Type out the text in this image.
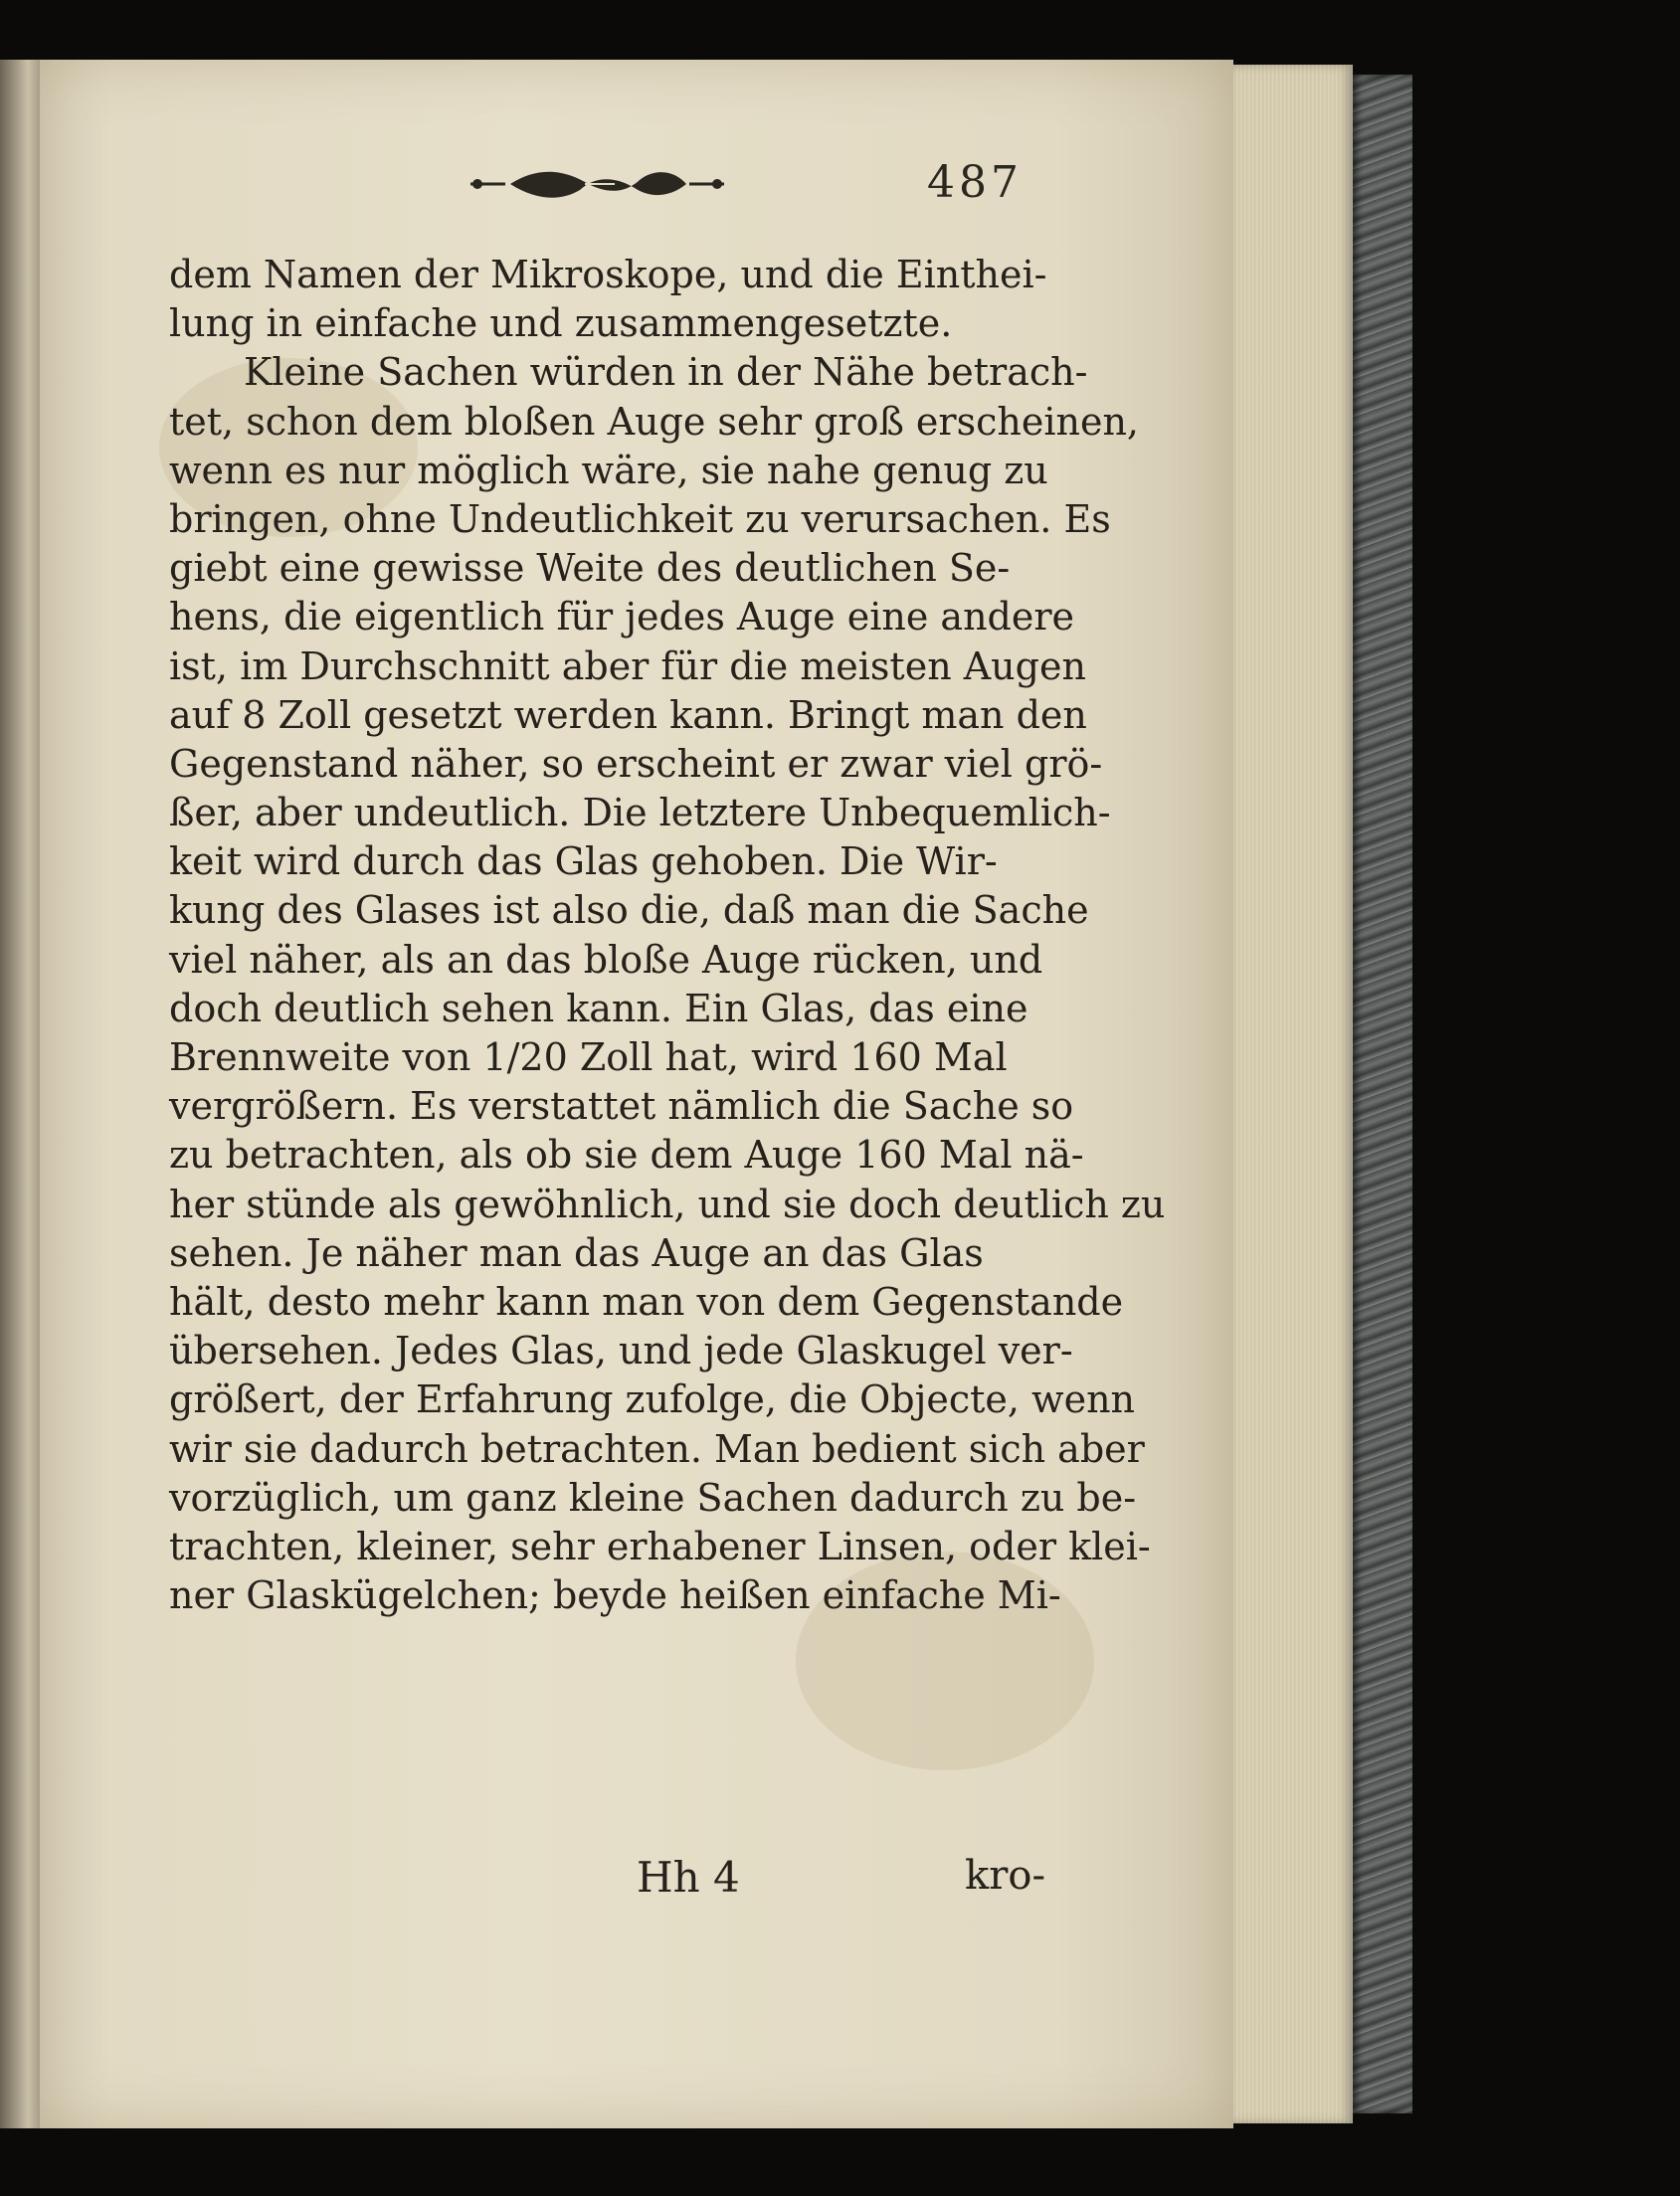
487
dem Namen der Mikroskope, und die Einthei-
lung in einfache und zusammengesetzte.
Kleine Sachen würden in der Nähe betrach-
tet, schon dem bloßen Auge sehr groß erscheinen,
wenn es nur möglich wäre, sie nahe genug zu
bringen, ohne Undeutlichkeit zu verursachen. Es
giebt eine gewisse Weite des deutlichen Se-
hens, die eigentlich für jedes Auge eine andere
ist, im Durchschnitt aber für die meisten Augen
auf 8 Zoll gesetzt werden kann. Bringt man den
Gegenstand näher, so erscheint er zwar viel grö-
ßer, aber undeutlich. Die letztere Unbequemlich-
keit wird durch das Glas gehoben. Die Wir-
kung des Glases ist also die, daß man die Sache
viel näher, als an das bloße Auge rücken, und
doch deutlich sehen kann. Ein Glas, das eine
Brennweite von 1/20 Zoll hat, wird 160 Mal
vergrößern. Es verstattet nämlich die Sache so
zu betrachten, als ob sie dem Auge 160 Mal nä-
her stünde als gewöhnlich, und sie doch deutlich zu
sehen. Je näher man das Auge an das Glas
hält, desto mehr kann man von dem Gegenstande
übersehen. Jedes Glas, und jede Glaskugel ver-
größert, der Erfahrung zufolge, die Objecte, wenn
wir sie dadurch betrachten. Man bedient sich aber
vorzüglich, um ganz kleine Sachen dadurch zu be-
trachten, kleiner, sehr erhabener Linsen, oder klei-
ner Glaskügelchen; beyde heißen einfache Mi-
Hh 4	kro-
